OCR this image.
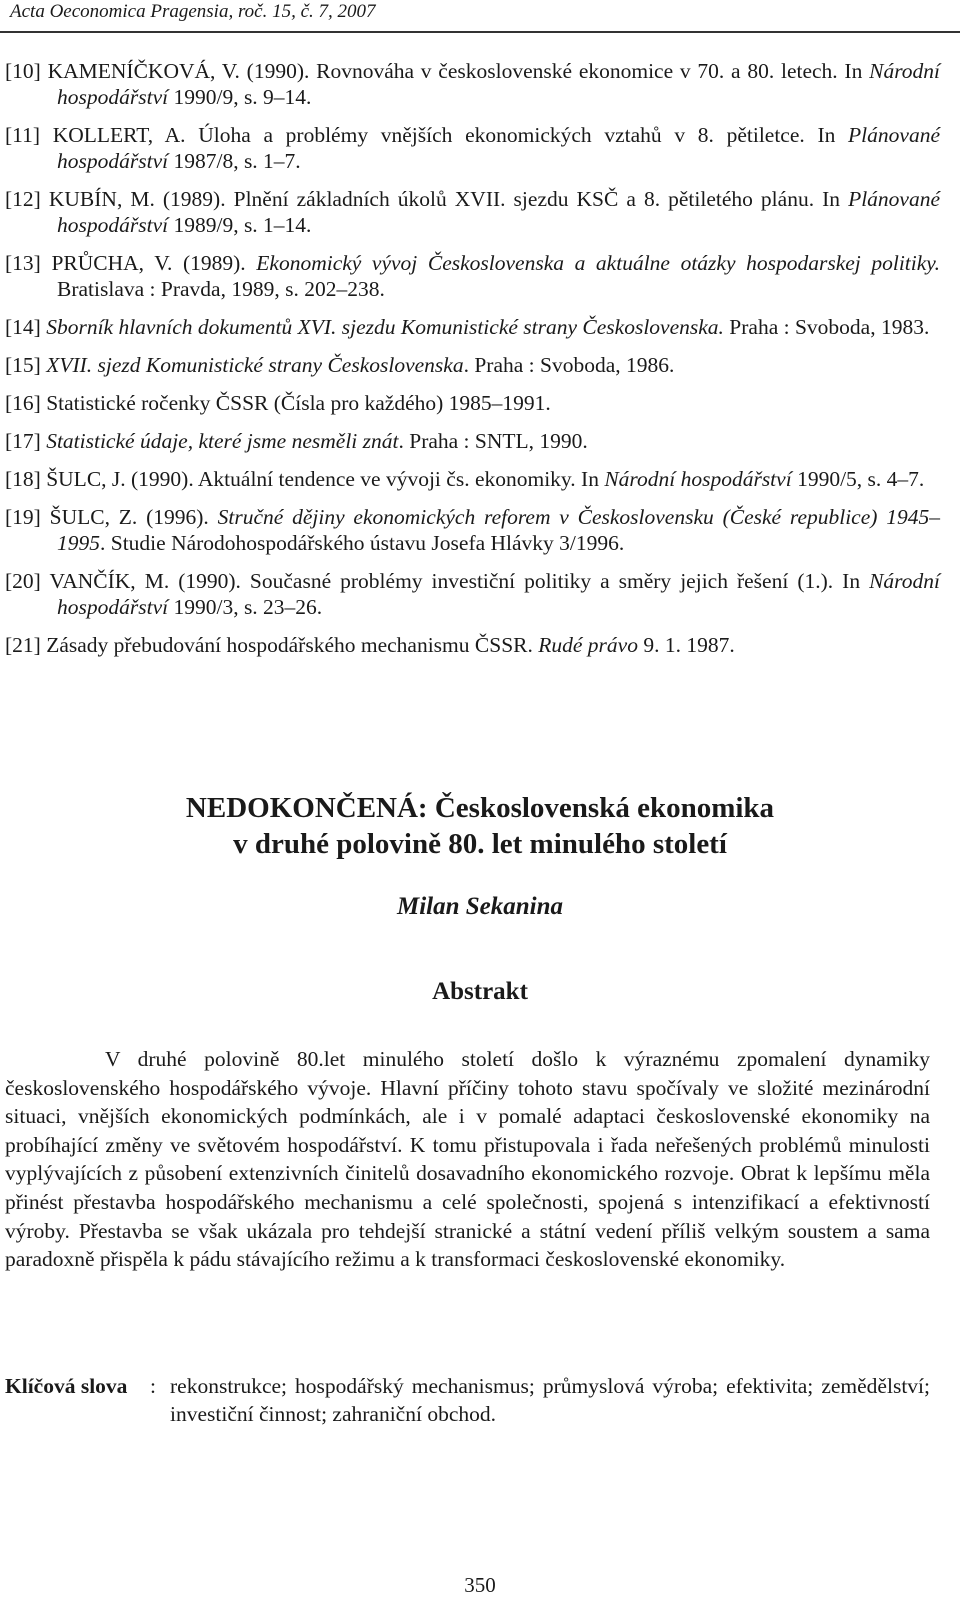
Acta Oeconomica Pragensia, roč. 15, č. 7, 2007
[10] KAMENÍČKOVÁ, V. (1990). Rovnováha v československé ekonomice v 70. a 80. letech. In Národní hospodářství 1990/9, s. 9–14.
[11] KOLLERT, A. Úloha a problémy vnějších ekonomických vztahů v 8. pětiletce. In Plánované hospodářství 1987/8, s. 1–7.
[12] KUBÍN, M. (1989). Plnění základních úkolů XVII. sjezdu KSČ a 8. pětiletého plánu. In Plánované hospodářství 1989/9, s. 1–14.
[13] PRŮCHA, V. (1989). Ekonomický vývoj Československa a aktuálne otázky hospodarskej politiky. Bratislava : Pravda, 1989, s. 202–238.
[14] Sborník hlavních dokumentů XVI. sjezdu Komunistické strany Československa. Praha : Svoboda, 1983.
[15] XVII. sjezd Komunistické strany Československa. Praha : Svoboda, 1986.
[16] Statistické ročenky ČSSR (Čísla pro každého) 1985–1991.
[17] Statistické údaje, které jsme nesměli znát. Praha : SNTL, 1990.
[18] ŠULC, J. (1990). Aktuální tendence ve vývoji čs. ekonomiky. In Národní hospodářství 1990/5, s. 4–7.
[19] ŠULC, Z. (1996). Stručné dějiny ekonomických reforem v Československu (České republice) 1945–1995. Studie Národohospodářského ústavu Josefa Hlávky 3/1996.
[20] VANČÍK, M. (1990). Současné problémy investiční politiky a směry jejich řešení (1.). In Národní hospodářství 1990/3, s. 23–26.
[21] Zásady přebudování hospodářského mechanismu ČSSR. Rudé právo 9. 1. 1987.
NEDOKONČENÁ: Československá ekonomika
v druhé polovině 80. let minulého století
Milan Sekanina
Abstrakt

V druhé polovině 80.let minulého století došlo k výraznému zpomalení dynamiky československého hospodářského vývoje. Hlavní příčiny tohoto stavu spočívaly ve složité mezinárodní situaci, vnějších ekonomických podmínkách, ale i v pomalé adaptaci československé ekonomiky na probíhající změny ve světovém hospodářství. K tomu přistupovala i řada neřešených problémů minulosti vyplývajících z působení extenzivních činitelů dosavadního ekonomického rozvoje. Obrat k lepšímu měla přinést přestavba hospodářského mechanismu a celé společnosti, spojená s intenzifikací a efektivností výroby. Přestavba se však ukázala pro tehdejší stranické a státní vedení příliš velkým soustem a sama paradoxně přispěla k pádu stávajícího režimu a k transformaci československé ekonomiky.

Klíčová slova : rekonstrukce; hospodářský mechanismus; průmyslová výroba; efektivita; zemědělství; investiční činnost; zahraniční obchod.
350
